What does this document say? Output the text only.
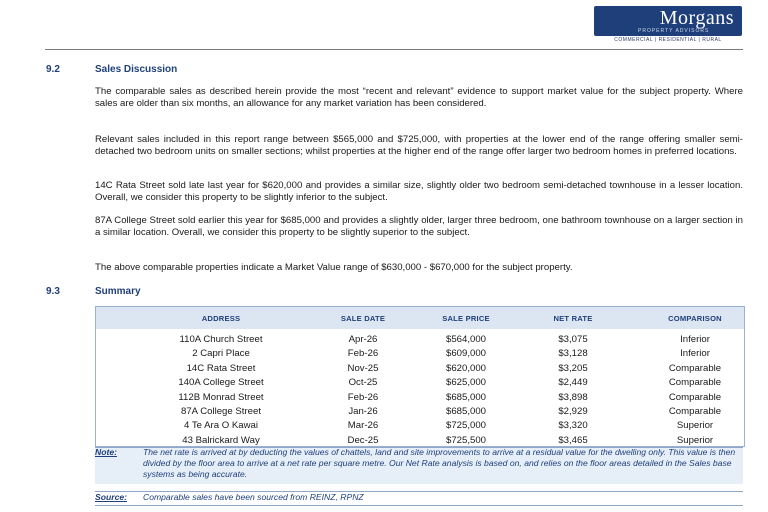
Morgans
PROPERTY ADVISORS
COMMERCIAL | RESIDENTIAL | RURAL
9.2	Sales Discussion
The comparable sales as described herein provide the most “recent and relevant” evidence to support market value for the subject property. Where sales are older than six months, an allowance for any market variation has been considered.
Relevant sales included in this report range between $565,000 and $725,000, with properties at the lower end of the range offering smaller semi-detached two bedroom units on smaller sections; whilst properties at the higher end of the range offer larger two bedroom homes in preferred locations.
14C Rata Street sold late last year for $620,000 and provides a similar size, slightly older two bedroom semi-detached townhouse in a lesser location. Overall, we consider this property to be slightly inferior to the subject.
87A College Street sold earlier this year for $685,000 and provides a slightly older, larger three bedroom, one bathroom townhouse on a larger section in a similar location. Overall, we consider this property to be slightly superior to the subject.
The above comparable properties indicate a Market Value range of $630,000 - $670,000 for the subject property.
9.3	Summary
ADDRESS	SALE DATE	SALE PRICE	NET RATE	COMPARISON
110A Church Street	Apr-26	$564,000	$3,075	Inferior
2 Capri Place	Feb-26	$609,000	$3,128	Inferior
14C Rata Street	Nov-25	$620,000	$3,205	Comparable
140A College Street	Oct-25	$625,000	$2,449	Comparable
112B Monrad Street	Feb-26	$685,000	$3,898	Comparable
87A College Street	Jan-26	$685,000	$2,929	Comparable
4 Te Ara O Kawai	Mar-26	$725,000	$3,320	Superior
43 Balrickard Way	Dec-25	$725,500	$3,465	Superior
Note:	The net rate is arrived at by deducting the values of chattels, land and site improvements to arrive at a residual value for the dwelling only. This value is then divided by the floor area to arrive at a net rate per square metre. Our Net Rate analysis is based on, and relies on the floor areas detailed in the Sales base systems as being accurate.
Source: Comparable sales have been sourced from REINZ, RPNZ
